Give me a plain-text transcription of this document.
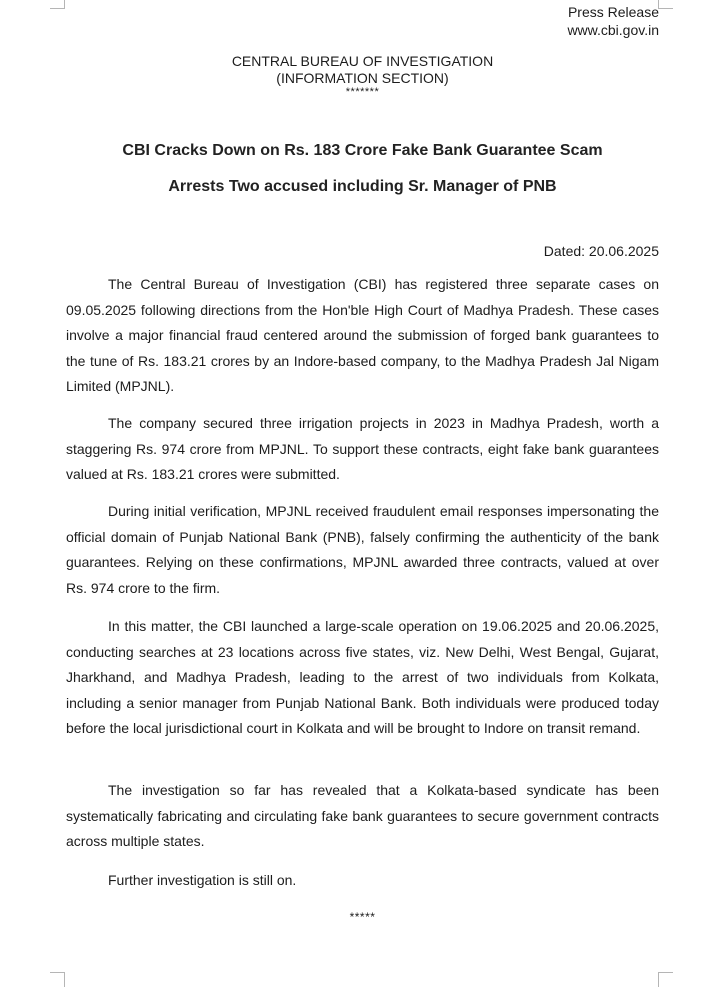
Press Release
www.cbi.gov.in
CENTRAL BUREAU OF INVESTIGATION
(INFORMATION SECTION)
*******
CBI Cracks Down on Rs. 183 Crore Fake Bank Guarantee Scam
Arrests Two accused including Sr. Manager of PNB
Dated: 20.06.2025

The Central Bureau of Investigation (CBI) has registered three separate cases on 09.05.2025 following directions from the Hon'ble High Court of Madhya Pradesh. These cases involve a major financial fraud centered around the submission of forged bank guarantees to the tune of Rs. 183.21 crores by an Indore-based company, to the Madhya Pradesh Jal Nigam Limited (MPJNL).

The company secured three irrigation projects in 2023 in Madhya Pradesh, worth a staggering Rs. 974 crore from MPJNL. To support these contracts, eight fake bank guarantees valued at Rs. 183.21 crores were submitted.

During initial verification, MPJNL received fraudulent email responses impersonating the official domain of Punjab National Bank (PNB), falsely confirming the authenticity of the bank guarantees. Relying on these confirmations, MPJNL awarded three contracts, valued at over Rs. 974 crore to the firm.

In this matter, the CBI launched a large-scale operation on 19.06.2025 and 20.06.2025, conducting searches at 23 locations across five states, viz. New Delhi, West Bengal, Gujarat, Jharkhand, and Madhya Pradesh, leading to the arrest of two individuals from Kolkata, including a senior manager from Punjab National Bank. Both individuals were produced today before the local jurisdictional court in Kolkata and will be brought to Indore on transit remand.

The investigation so far has revealed that a Kolkata-based syndicate has been systematically fabricating and circulating fake bank guarantees to secure government contracts across multiple states.

Further investigation is still on.

*****
